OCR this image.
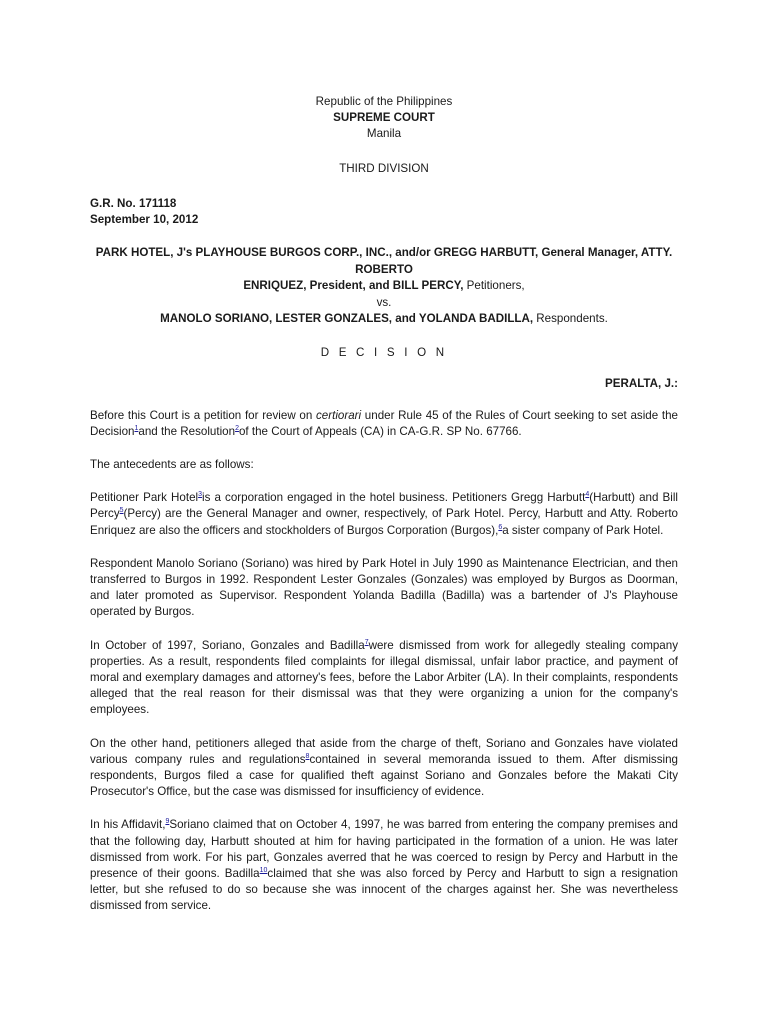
Republic of the Philippines
SUPREME COURT
Manila
THIRD DIVISION
G.R. No. 171118
September 10, 2012
PARK HOTEL, J's PLAYHOUSE BURGOS CORP., INC., and/or GREGG HARBUTT, General Manager, ATTY. ROBERTO
ENRIQUEZ, President, and BILL PERCY, Petitioners,
vs.
MANOLO SORIANO, LESTER GONZALES, and YOLANDA BADILLA, Respondents.
D E C I S I O N
PERALTA, J.:

Before this Court is a petition for review on certiorari under Rule 45 of the Rules of Court seeking to set aside the Decision$^1$and the Resolution$^2$of the Court of Appeals (CA) in CA-G.R. SP No. 67766.

The antecedents are as follows:

Petitioner Park Hotel$^3$is a corporation engaged in the hotel business. Petitioners Gregg Harbutt$^4$(Harbutt) and Bill Percy$^5$(Percy) are the General Manager and owner, respectively, of Park Hotel. Percy, Harbutt and Atty. Roberto Enriquez are also the officers and stockholders of Burgos Corporation (Burgos),$^6$a sister company of Park Hotel.

Respondent Manolo Soriano (Soriano) was hired by Park Hotel in July 1990 as Maintenance Electrician, and then transferred to Burgos in 1992. Respondent Lester Gonzales (Gonzales) was employed by Burgos as Doorman, and later promoted as Supervisor. Respondent Yolanda Badilla (Badilla) was a bartender of J's Playhouse operated by Burgos.

In October of 1997, Soriano, Gonzales and Badilla$^7$were dismissed from work for allegedly stealing company properties. As a result, respondents filed complaints for illegal dismissal, unfair labor practice, and payment of moral and exemplary damages and attorney's fees, before the Labor Arbiter (LA). In their complaints, respondents alleged that the real reason for their dismissal was that they were organizing a union for the company's employees.

On the other hand, petitioners alleged that aside from the charge of theft, Soriano and Gonzales have violated various company rules and regulations$^8$contained in several memoranda issued to them. After dismissing respondents, Burgos filed a case for qualified theft against Soriano and Gonzales before the Makati City Prosecutor's Office, but the case was dismissed for insufficiency of evidence.

In his Affidavit,$^9$Soriano claimed that on October 4, 1997, he was barred from entering the company premises and that the following day, Harbutt shouted at him for having participated in the formation of a union. He was later dismissed from work. For his part, Gonzales averred that he was coerced to resign by Percy and Harbutt in the presence of their goons. Badilla$^{10}$claimed that she was also forced by Percy and Harbutt to sign a resignation letter, but she refused to do so because she was innocent of the charges against her. She was nevertheless dismissed from service.
